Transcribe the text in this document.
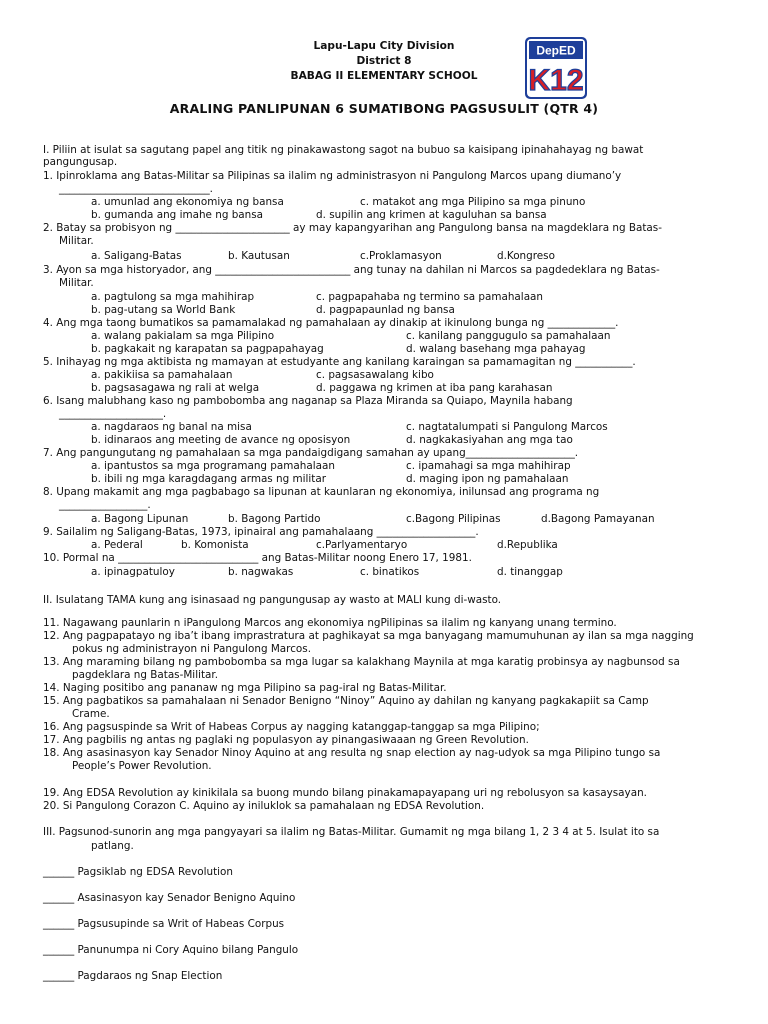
Lapu-Lapu City Division
District 8
BABAG II ELEMENTARY SCHOOL
DepED
K12
ARALING PANLIPUNAN 6 SUMATIBONG PAGSUSULIT (QTR 4)
I. Piliin at isulat sa sagutang papel ang titik ng pinakawastong sagot na bubuo sa kaisipang ipinahahayag ng bawat
pangungusap.
1. Ipinroklama ang Batas-Militar sa Pilipinas sa ilalim ng administrasyon ni Pangulong Marcos upang diumano’y
_____________________________.
a. umunlad ang ekonomiya ng bansa	c. matakot ang mga Pilipino sa mga pinuno
b. gumanda ang imahe ng bansa	d. supilin ang krimen at kaguluhan sa bansa
2. Batay sa probisyon ng ______________________ ay may kapangyarihan ang Pangulong bansa na magdeklara ng Batas-
Militar.
a. Saligang-Batas	b. Kautusan	c.Proklamasyon	d.Kongreso
3. Ayon sa mga historyador, ang __________________________ ang tunay na dahilan ni Marcos sa pagdedeklara ng Batas-
Militar.
a. pagtulong sa mga mahihirap	c. pagpapahaba ng termino sa pamahalaan
b. pag-utang sa World Bank	d. pagpapaunlad ng bansa
4. Ang mga taong bumatikos sa pamamalakad ng pamahalaan ay dinakip at ikinulong bunga ng _____________.
a. walang pakialam sa mga Pilipino	c. kanilang panggugulo sa pamahalaan
b. pagkakait ng karapatan sa pagpapahayag	d. walang basehang mga pahayag
5. Inihayag ng mga aktibista ng mamayan at estudyante ang kanilang karaingan sa pamamagitan ng ___________.
a. pakikiisa sa pamahalaan	c. pagsasawalang kibo
b. pagsasagawa ng rali at welga	d. paggawa ng krimen at iba pang karahasan
6. Isang malubhang kaso ng pambobomba ang naganap sa Plaza Miranda sa Quiapo, Maynila habang
____________________.
a. nagdaraos ng banal na misa	c. nagtatalumpati si Pangulong Marcos
b. idinaraos ang meeting de avance ng oposisyon	d. nagkakasiyahan ang mga tao
7. Ang pangungutang ng pamahalaan sa mga pandaigdigang samahan ay upang_____________________.
a. ipantustos sa mga programang pamahalaan	c. ipamahagi sa mga mahihirap
b. ibili ng mga karagdagang armas ng militar	d. maging ipon ng pamahalaan
8. Upang makamit ang mga pagbabago sa lipunan at kaunlaran ng ekonomiya, inilunsad ang programa ng
_________________.
a. Bagong Lipunan	b. Bagong Partido	c.Bagong Pilipinas	d.Bagong Pamayanan
9. Sailalim ng Saligang-Batas, 1973, ipinairal ang pamahalaang ___________________.
a. Pederal	b. Komonista	c.Parlyamentaryo	d.Republika
10. Pormal na ___________________________ ang Batas-Militar noong Enero 17, 1981.
a. ipinagpatuloy	b. nagwakas	c. binatikos	d. tinanggap
II. Isulatang TAMA kung ang isinasaad ng pangungusap ay wasto at MALI kung di-wasto.
11. Nagawang paunlarin n iPangulong Marcos ang ekonomiya ngPilipinas sa ilalim ng kanyang unang termino.
12. Ang pagpapatayo ng iba’t ibang imprastratura at paghikayat sa mga banyagang mamumuhunan ay ilan sa mga nagging
pokus ng administrayon ni Pangulong Marcos.
13. Ang maraming bilang ng pambobomba sa mga lugar sa kalakhang Maynila at mga karatig probinsya ay nagbunsod sa
pagdeklara ng Batas-Militar.
14. Naging positibo ang pananaw ng mga Pilipino sa pag-iral ng Batas-Militar.
15. Ang pagbatikos sa pamahalaan ni Senador Benigno “Ninoy” Aquino ay dahilan ng kanyang pagkakapiit sa Camp
Crame.
16. Ang pagsuspinde sa Writ of Habeas Corpus ay nagging katanggap-tanggap sa mga Pilipino;
17. Ang pagbilis ng antas ng paglaki ng populasyon ay pinangasiwaaan ng Green Revolution.
18. Ang asasinasyon kay Senador Ninoy Aquino at ang resulta ng snap election ay nag-udyok sa mga Pilipino tungo sa
People’s Power Revolution.
19. Ang EDSA Revolution ay kinikilala sa buong mundo bilang pinakamapayapang uri ng rebolusyon sa kasaysayan.
20. Si Pangulong Corazon C. Aquino ay iniluklok sa pamahalaan ng EDSA Revolution.
III. Pagsunod-sunorin ang mga pangyayari sa ilalim ng Batas-Militar. Gumamit ng mga bilang 1, 2 3 4 at 5. Isulat ito sa
patlang.
______ Pagsiklab ng EDSA Revolution
______ Asasinasyon kay Senador Benigno Aquino
______ Pagsusupinde sa Writ of Habeas Corpus
______ Panunumpa ni Cory Aquino bilang Pangulo
______ Pagdaraos ng Snap Election
